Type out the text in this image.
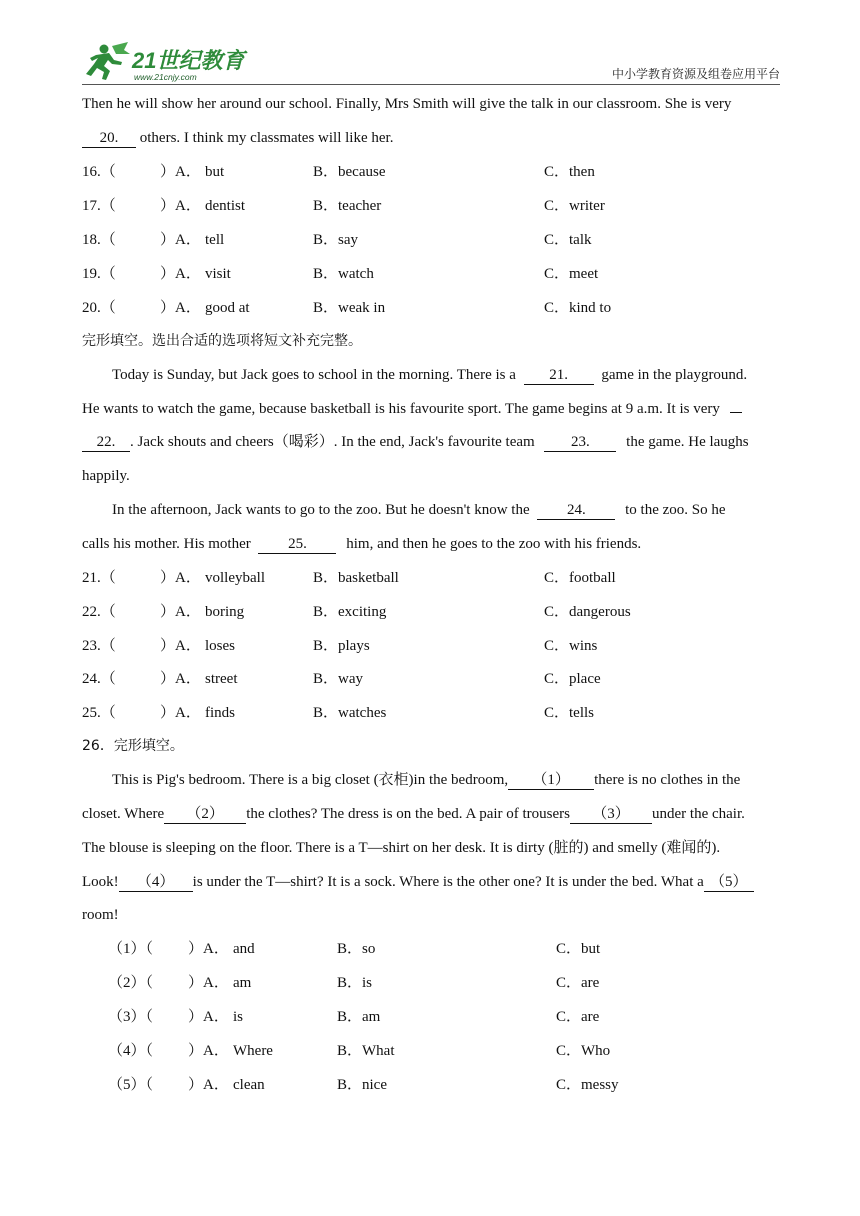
21世纪教育
www.21cnjy.com	中小学教育资源及组卷应用平台
Then he will show her around our school. Finally, Mrs Smith will give the talk in our classroom. She is very
20. others. I think my classmates will like her.
16.（	）A． but	B．because	C．then
17.（	）A． dentist	B．teacher	C．writer
18.（	）A． tell	B．say	C．talk
19.（	）A． visit	B．watch	C．meet
20.（	）A． good at	B．weak in	C．kind to
完形填空。选出合适的选项将短文补充完整。
Today is Sunday, but Jack goes to school in the morning. There is a 21. game in the playground.
He wants to watch the game, because basketball is his favourite sport. The game begins at 9 a.m. It is very
22. . Jack shouts and cheers（喝彩）. In the end, Jack's favourite team 23. the game. He laughs
happily.
In the afternoon, Jack wants to go to the zoo. But he doesn't know the 24.	to the zoo. So he
calls his mother. His mother 25.	him, and then he goes to the zoo with his friends.
21.（	）A． volleyball	B．basketball	C．football
22.（	）A． boring	B．exciting	C．dangerous
23.（	）A． loses	B．plays	C．wins
24.（	）A． street	B．way	C．place
25.（	）A． finds	B．watches	C．tells
26．完形填空。
This is Pig's bedroom. There is a big closet (衣柜)in the bedroom, （1） there is no clothes in the
closet. Where （2） the clothes? The dress is on the bed. A pair of trousers （3） under the chair.
The blouse is sleeping on the floor. There is a T—shirt on her desk. It is dirty (脏的) and smelly (难闻的).
Look! （4） is under the T—shirt? It is a sock. Where is the other one? It is under the bed. What a （5）
room!
（1）（ ）A． and	B．so	C．but
（2）（ ）A． am	B．is	C．are
（3）（ ）A． is	B．am	C．are
（4）（ ）A． Where	B．What	C．Who
（5）（ ）A． clean	B．nice	C．messy
